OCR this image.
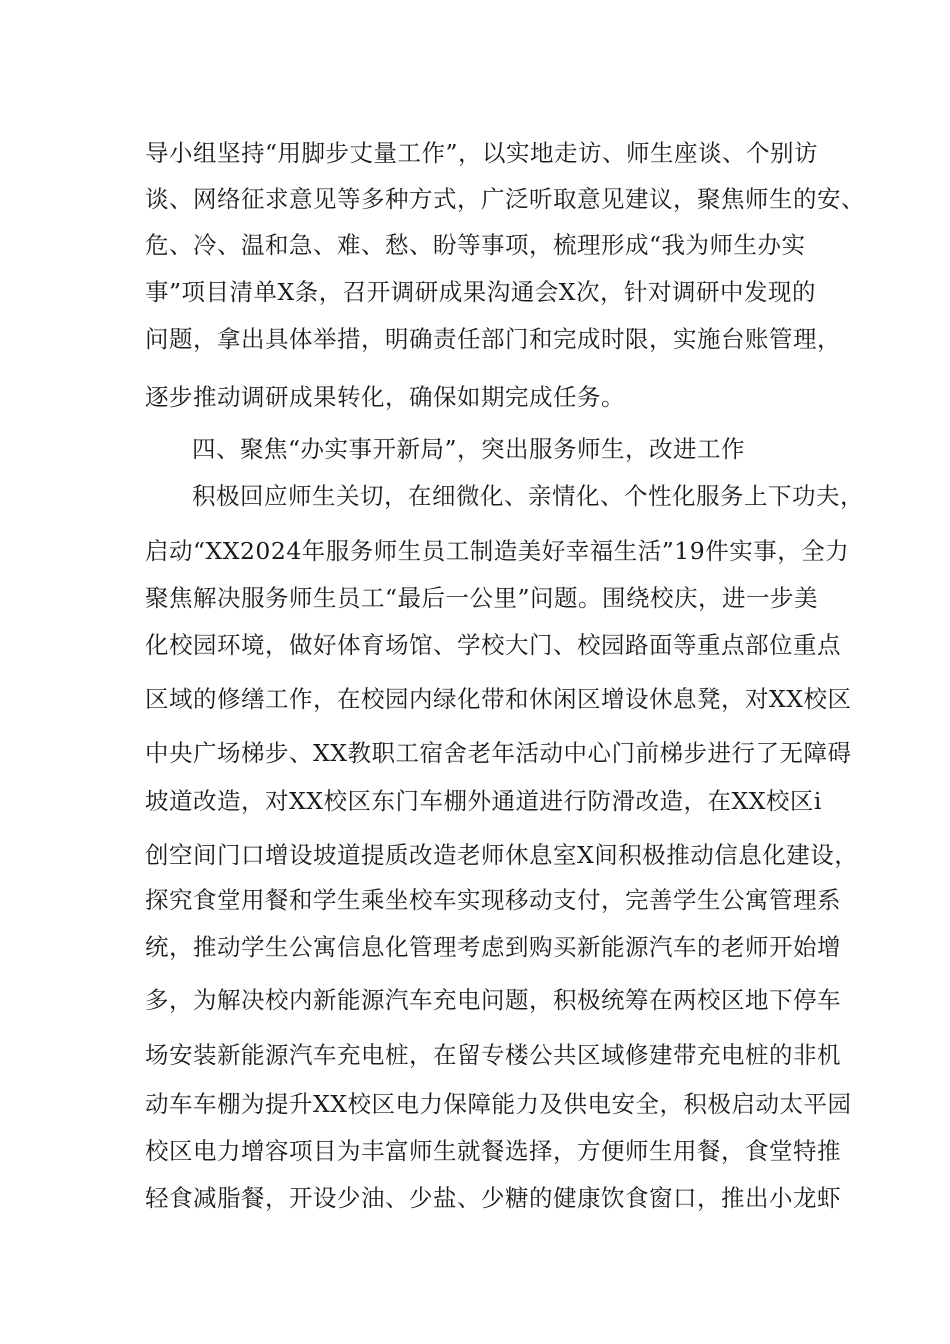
导小组坚持“用脚步丈量工作”，以实地走访、师生座谈、个别访
谈、网络征求意见等多种方式，广泛听取意见建议，聚焦师生的安、
危、冷、温和急、难、愁、盼等事项，梳理形成“我为师生办实
事”项目清单X条，召开调研成果沟通会X次，针对调研中发现的
问题，拿出具体举措，明确责任部门和完成时限，实施台账管理，
逐步推动调研成果转化，确保如期完成任务。
四、聚焦“办实事开新局”，突出服务师生，改进工作
积极回应师生关切，在细微化、亲情化、个性化服务上下功夫，
启动“XX2024年服务师生员工制造美好幸福生活”19件实事，全力
聚焦解决服务师生员工“最后一公里”问题。围绕校庆，进一步美
化校园环境，做好体育场馆、学校大门、校园路面等重点部位重点
区域的修缮工作，在校园内绿化带和休闲区增设休息凳，对XX校区
中央广场梯步、XX教职工宿舍老年活动中心门前梯步进行了无障碍
坡道改造，对XX校区东门车棚外通道进行防滑改造，在XX校区i
创空间门口增设坡道提质改造老师休息室X间积极推动信息化建设，
探究食堂用餐和学生乘坐校车实现移动支付，完善学生公寓管理系
统，推动学生公寓信息化管理考虑到购买新能源汽车的老师开始增
多，为解决校内新能源汽车充电问题，积极统筹在两校区地下停车
场安装新能源汽车充电桩，在留专楼公共区域修建带充电桩的非机
动车车棚为提升XX校区电力保障能力及供电安全，积极启动太平园
校区电力增容项目为丰富师生就餐选择，方便师生用餐，食堂特推
轻食减脂餐，开设少油、少盐、少糖的健康饮食窗口，推出小龙虾
